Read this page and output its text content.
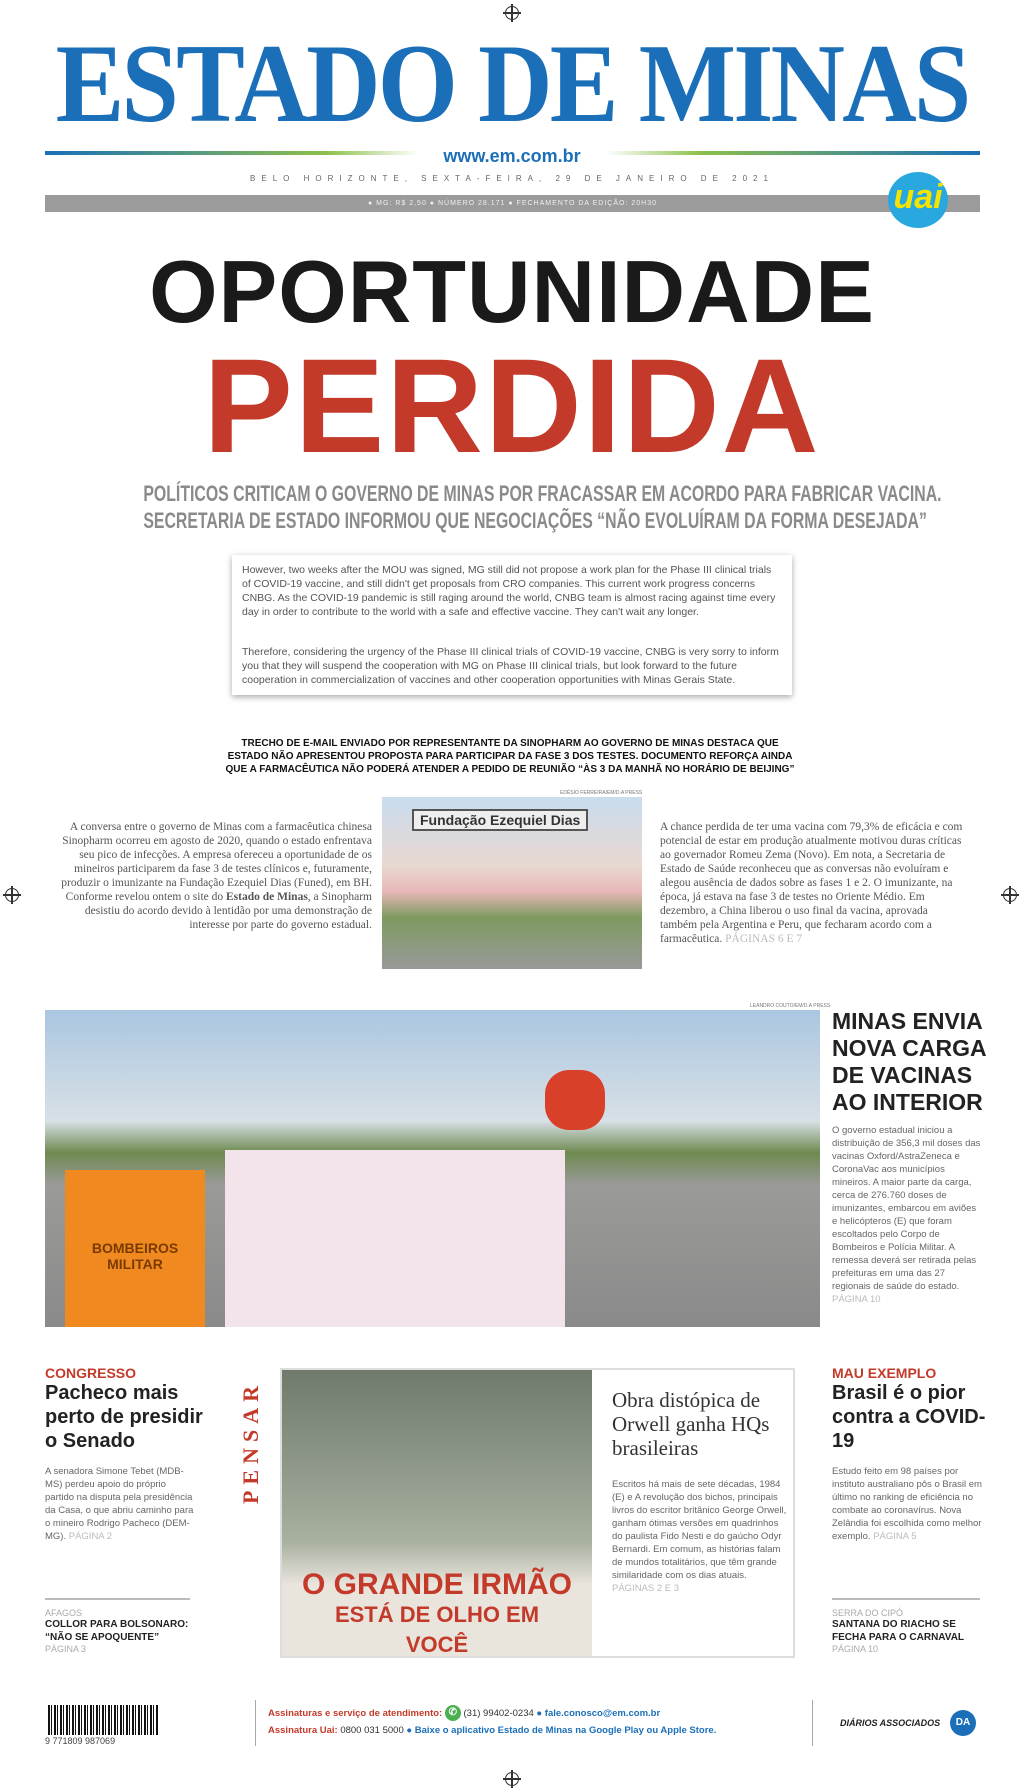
ESTADO DE MINAS
www.em.com.br
BELO HORIZONTE, SEXTA-FEIRA, 29 DE JANEIRO DE 2021
● MG: R$ 2,50 ● NÚMERO 28.171 ● FECHAMENTO DA EDIÇÃO: 20H30	uai
OPORTUNIDADE
PERDIDA
POLÍTICOS CRITICAM O GOVERNO DE MINAS POR FRACASSAR EM ACORDO PARA FABRICAR VACINA.
SECRETARIA DE ESTADO INFORMOU QUE NEGOCIAÇÕES “NÃO EVOLUÍRAM DA FORMA DESEJADA”

However, two weeks after the MOU was signed, MG still did not propose a work plan for the Phase III clinical trials of COVID-19 vaccine, and still didn't get proposals from CRO companies. This current work progress concerns CNBG. As the COVID-19 pandemic is still raging around the world, CNBG team is almost racing against time every day in order to contribute to the world with a safe and effective vaccine. They can't wait any longer.

Therefore, considering the urgency of the Phase III clinical trials of COVID-19 vaccine, CNBG is very sorry to inform you that they will suspend the cooperation with MG on Phase III clinical trials, but look forward to the future cooperation in commercialization of vaccines and other cooperation opportunities with Minas Gerais State.

TRECHO DE E-MAIL ENVIADO POR REPRESENTANTE DA SINOPHARM AO GOVERNO DE MINAS DESTACA QUE ESTADO NÃO APRESENTOU PROPOSTA PARA PARTICIPAR DA FASE 3 DOS TESTES. DOCUMENTO REFORÇA AINDA QUE A FARMACÊUTICA NÃO PODERÁ ATENDER A PEDIDO DE REUNIÃO “ÀS 3 DA MANHÃ NO HORÁRIO DE BEIJING”
A conversa entre o governo de Minas com a farmacêutica chinesa Sinopharm ocorreu em agosto de 2020, quando o estado enfrentava seu pico de infecções. A empresa ofereceu a oportunidade de os mineiros participarem da fase 3 de testes clínicos e, futuramente, produzir o imunizante na Fundação Ezequiel Dias (Funed), em BH. Conforme revelou ontem o site do Estado de Minas, a Sinopharm desistiu do acordo devido à lentidão por uma demonstração de interesse por parte do governo estadual.
EDÉSIO FERREIRA/EM/D.A PRESS
Fundação Ezequiel Dias	A chance perdida de ter uma vacina com 79,3% de eficácia e com potencial de estar em produção atualmente motivou duras críticas ao governador Romeu Zema (Novo). Em nota, a Secretaria de Estado de Saúde reconheceu que as conversas não evoluíram e alegou ausência de dados sobre as fases 1 e 2. O imunizante, na época, já estava na fase 3 de testes no Oriente Médio. Em dezembro, a China liberou o uso final da vacina, aprovada também pela Argentina e Peru, que fecharam acordo com a farmacêutica. PÁGINAS 6 E 7
LEANDRO COUTO/EM/D.A PRESS
BOMBEIROS MILITAR
MINAS ENVIA NOVA CARGA DE VACINAS AO INTERIOR
O governo estadual iniciou a distribuição de 356,3 mil doses das vacinas Oxford/AstraZeneca e CoronaVac aos municípios mineiros. A maior parte da carga, cerca de 276.760 doses de imunizantes, embarcou em aviões e helicópteros (E) que foram escoltados pelo Corpo de Bombeiros e Polícia Militar. A remessa deverá ser retirada pelas prefeituras em uma das 27 regionais de saúde do estado. PÁGINA 10
CONGRESSO
Pacheco mais perto de presidir o Senado
A senadora Simone Tebet (MDB-MS) perdeu apoio do próprio partido na disputa pela presidência da Casa, o que abriu caminho para o mineiro Rodrigo Pacheco (DEM-MG). PÁGINA 2
AFAGOS
COLLOR PARA BOLSONARO: “NÃO SE APOQUENTE”
PÁGINA 3
PENSAR
O GRANDE IRMÃO
ESTÁ DE OLHO EM VOCÊ
Obra distópica de Orwell ganha HQs brasileiras
Escritos há mais de sete décadas, 1984 (E) e A revolução dos bichos, principais livros do escritor britânico George Orwell, ganham ótimas versões em quadrinhos do paulista Fido Nesti e do gaúcho Odyr Bernardi. Em comum, as histórias falam de mundos totalitários, que têm grande similaridade com os dias atuais. PÁGINAS 2 E 3
MAU EXEMPLO
Brasil é o pior contra a COVID-19
Estudo feito em 98 países por instituto australiano pôs o Brasil em último no ranking de eficiência no combate ao coronavírus. Nova Zelândia foi escolhida como melhor exemplo. PÁGINA 5
SERRA DO CIPÓ
SANTANA DO RIACHO SE FECHA PARA O CARNAVAL
PÁGINA 10
9 771809 987069
Assinaturas e serviço de atendimento: ✆ (31) 99402-0234 ● fale.conosco@em.com.br
Assinatura Uai: 0800 031 5000 ● Baixe o aplicativo Estado de Minas na Google Play ou Apple Store.
DIÁRIOS ASSOCIADOS	DA
